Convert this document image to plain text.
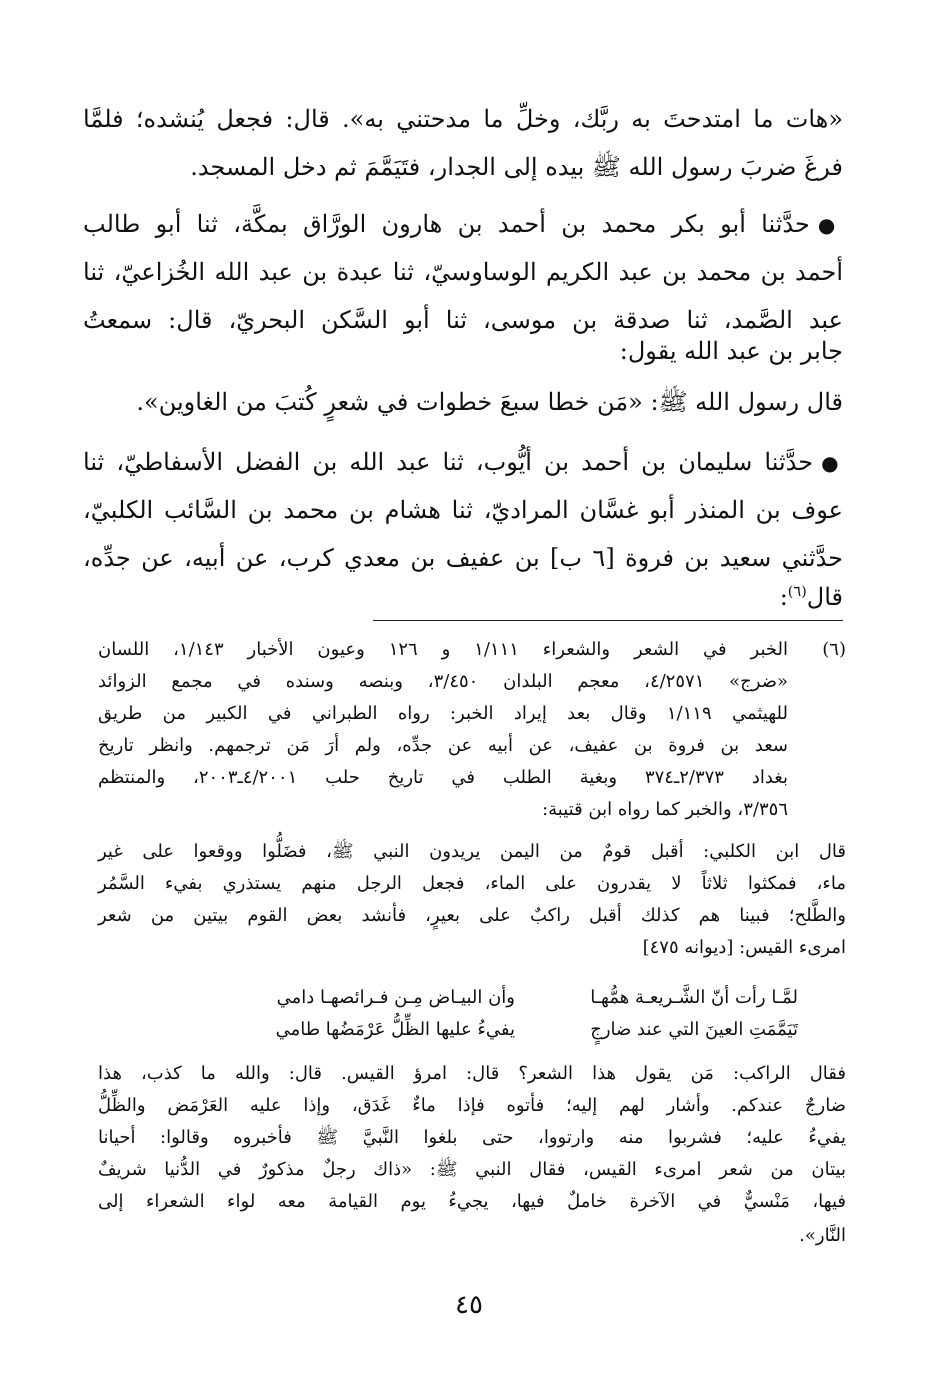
«هات ما امتدحتَ به ربَّك، وخلِّ ما مدحتني به». قال: فجعل يُنشده؛ فلمَّا
فرغَ ضربَ رسول الله ﷺ بيده إلى الجدار، فتَيَمَّمَ ثم دخل المسجد.
●حدَّثنا أبو بكر محمد بن أحمد بن هارون الورَّاق بمكَّة، ثنا أبو طالب
أحمد بن محمد بن عبد الكريم الوساوسيّ، ثنا عبدة بن عبد الله الخُزاعيّ، ثنا
عبد الصَّمد، ثنا صدقة بن موسى، ثنا أبو السَّكن البحريّ، قال: سمعتُ
جابر بن عبد الله يقول:
قال رسول الله ﷺ: «مَن خطا سبعَ خطوات في شعرٍ كُتبَ من الغاوين».
●حدَّثنا سليمان بن أحمد بن أيُّوب، ثنا عبد الله بن الفضل الأسفاطيّ، ثنا
عوف بن المنذر أبو غسَّان المراديّ، ثنا هشام بن محمد بن السَّائب الكلبيّ،
حدَّثني سعيد بن فروة [٦ ب] بن عفيف بن معدي كرب، عن أبيه، عن جدِّه،
قال$^{(٦)}$:
(٦)
الخبر في الشعر والشعراء ١/١١١ و ١٢٦ وعيون الأخبار ١/١٤٣، اللسان
«ضرج» ٤/٢٥٧١، معجم البلدان ٣/٤٥٠، وبنصه وسنده في مجمع الزوائد
للهيثمي ١/١١٩ وقال بعد إيراد الخبر: رواه الطبراني في الكبير من طريق
سعد بن فروة بن عفيف، عن أبيه عن جدِّه، ولم أرَ مَن ترجمهم. وانظر تاريخ
بغداد ٢/٣٧٣ـ٣٧٤ وبغية الطلب في تاريخ حلب ٤/٢٠٠١ـ٢٠٠٣، والمنتظم
٣/٣٥٦، والخبر كما رواه ابن قتيبة:
قال ابن الكلبي: أقبل قومٌ من اليمن يريدون النبي ﷺ، فضَلُّوا ووقعوا على غير
ماء، فمكثوا ثلاثاً لا يقدرون على الماء، فجعل الرجل منهم يستذري بفيء السَّمُر
والطَّلح؛ فبينا هم كذلك أقبل راكبٌ على بعيرٍ، فأنشد بعض القوم بيتين من شعر
امرىء القيس: [ديوانه ٤٧٥]
لمَّـا رأت أنّ الشَّـريعـة همُّهـا
وأن البيـاض مِـن فـرائصهـا دامي
تَيَمَّمَتِ العينَ التي عند ضارجٍ
يفيءُ عليها الظِّلُّ عَرْمَضُها طامي
فقال الراكب: مَن يقول هذا الشعر؟ قال: امرؤ القيس. قال: والله ما كذب، هذا
ضارجٌ عندكم. وأشار لهم إليه؛ فأتوه فإذا ماءٌ غَدَق، وإذا عليه العَرْمَض والظِّلُّ
يفيءُ عليه؛ فشربوا منه وارتووا، حتى بلغوا النَّبيَّ ﷺ فأخبروه وقالوا: أحيانا
بيتان من شعر امرىء القيس، فقال النبي ﷺ: «ذاك رجلٌ مذكورٌ في الدُّنيا شريفٌ
فيها، مَنْسيٌّ في الآخرة خاملٌ فيها، يجيءُ يوم القيامة معه لواء الشعراء إلى
النَّار».
٤٥
